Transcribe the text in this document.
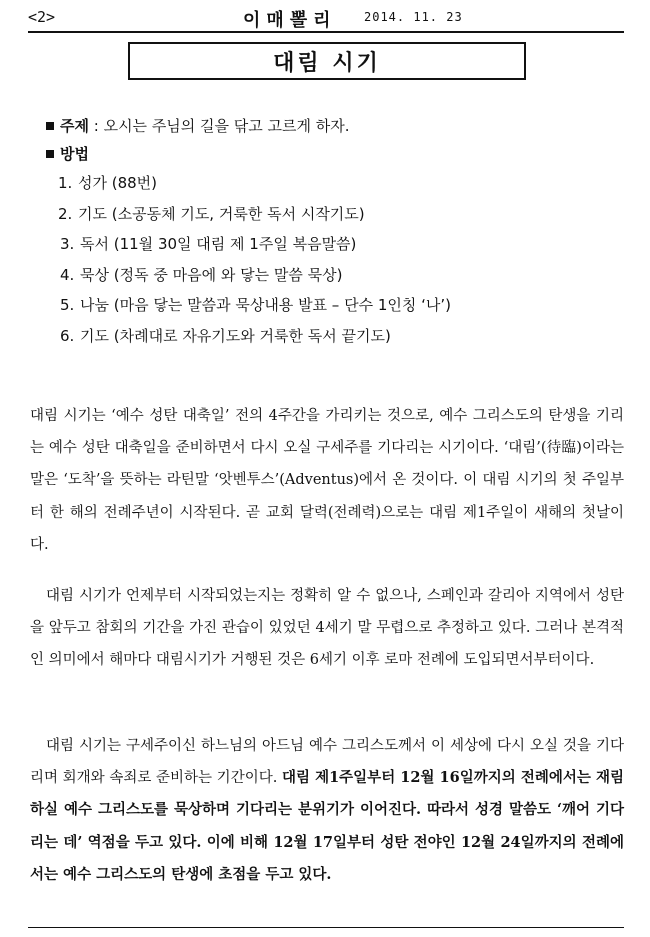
<2>	이매뽈리 2014. 11. 23
대림 시기
주제 : 오시는 주님의 길을 닦고 고르게 하자.
방법
1. 성가 (88번)
2. 기도 (소공동체 기도, 거룩한 독서 시작기도)
3. 독서 (11월 30일 대림 제 1주일 복음말씀)
4. 묵상 (정독 중 마음에 와 닿는 말씀 묵상)
5. 나눔 (마음 닿는 말씀과 묵상내용 발표 – 단수 1인칭 ‘나’)
6. 기도 (차례대로 자유기도와 거룩한 독서 끝기도)

대림 시기는 ‘예수 성탄 대축일’ 전의 4주간을 가리키는 것으로, 예수 그리스도의 탄생을 기리는 예수 성탄 대축일을 준비하면서 다시 오실 구세주를 기다리는 시기이다. ‘대림’(待臨)이라는 말은 ‘도착’을 뜻하는 라틴말 ‘앗벤투스’(Adventus)에서 온 것이다. 이 대림 시기의 첫 주일부터 한 해의 전례주년이 시작된다. 곧 교회 달력(전례력)으로는 대림 제1주일이 새해의 첫날이다.

대림 시기가 언제부터 시작되었는지는 정확히 알 수 없으나, 스페인과 갈리아 지역에서 성탄을 앞두고 참회의 기간을 가진 관습이 있었던 4세기 말 무렵으로 추정하고 있다. 그러나 본격적인 의미에서 해마다 대림시기가 거행된 것은 6세기 이후 로마 전례에 도입되면서부터이다.

대림 시기는 구세주이신 하느님의 아드님 예수 그리스도께서 이 세상에 다시 오실 것을 기다리며 회개와 속죄로 준비하는 기간이다. 대림 제1주일부터 12월 16일까지의 전례에서는 재림하실 예수 그리스도를 묵상하며 기다리는 분위기가 이어진다. 따라서 성경 말씀도 ‘깨어 기다리는 데’ 역점을 두고 있다. 이에 비해 12월 17일부터 성탄 전야인 12월 24일까지의 전례에서는 예수 그리스도의 탄생에 초점을 두고 있다.
